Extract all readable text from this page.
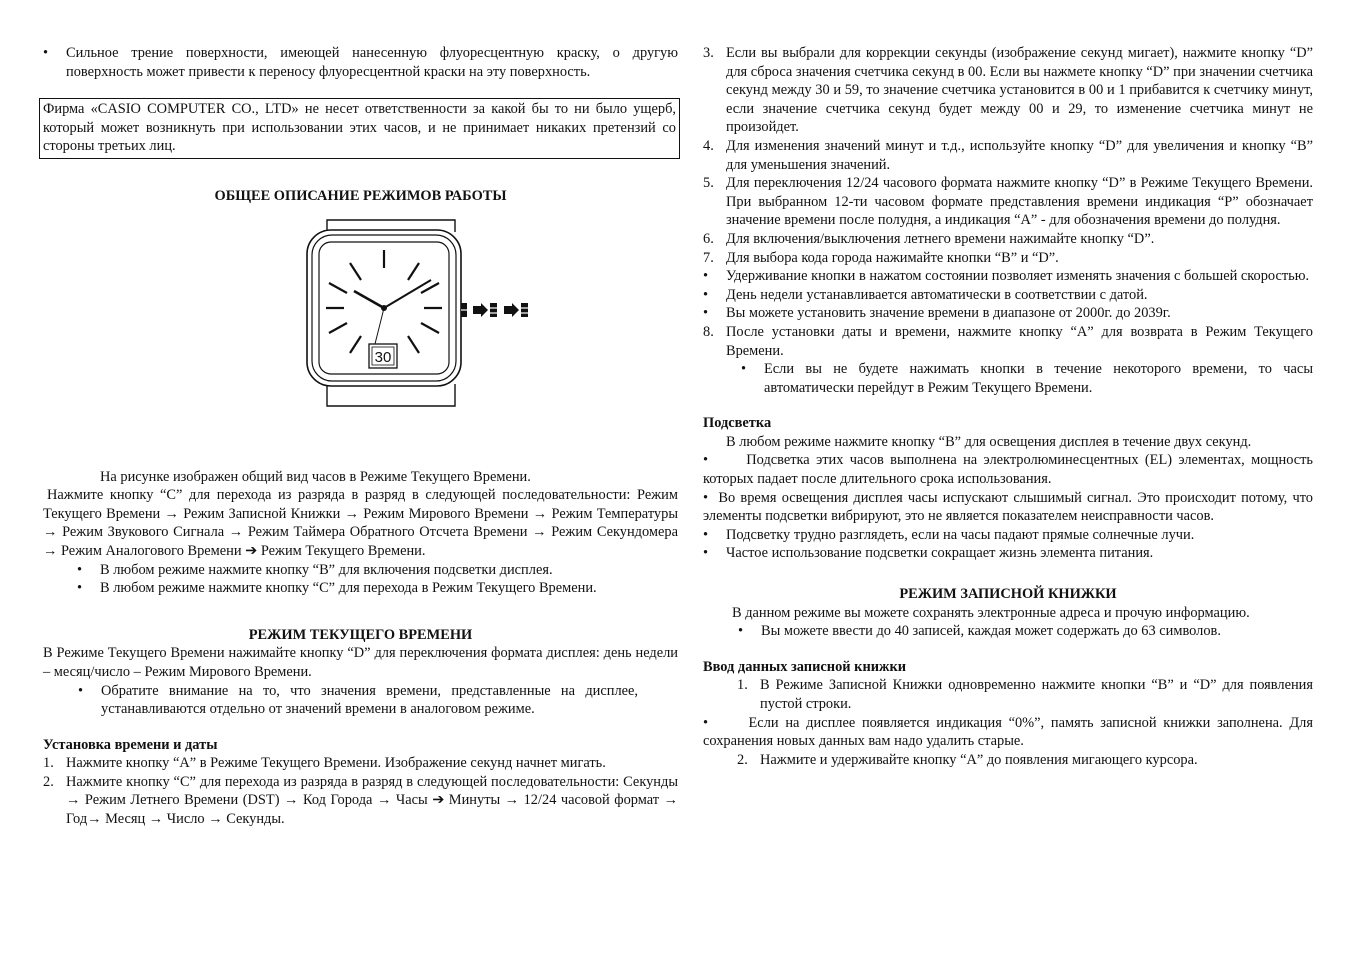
• Сильное трение поверхности, имеющей нанесенную флуоресцентную краску, о другую поверхность может привести к переносу флуоресцентной краски на эту поверхность.

Фирма «CASIO COMPUTER CO., LTD» не несет ответственности за какой бы то ни было ущерб, который может возникнуть при использовании этих часов, и не принимает никаких претензий со стороны третьих лиц.

ОБЩЕЕ ОПИСАНИЕ РЕЖИМОВ РАБОТЫ

30

На рисунке изображен общий вид часов в Режиме Текущего Времени.

Нажмите кнопку “C” для перехода из разряда в разряд в следующей последовательности: Режим Текущего Времени → Режим Записной Книжки → Режим Мирового Времени → Режим Температуры → Режим Звукового Сигнала → Режим Таймера Обратного Отсчета Времени → Режим Секундомера → Режим Аналогового Времени ➔ Режим Текущего Времени.

• В любом режиме нажмите кнопку “B” для включения подсветки дисплея.

• В любом режиме нажмите кнопку “C” для перехода в Режим Текущего Времени.

РЕЖИМ ТЕКУЩЕГО ВРЕМЕНИ

В Режиме Текущего Времени нажимайте кнопку “D” для переключения формата дисплея: день недели – месяц/число – Режим Мирового Времени.

• Обратите внимание на то, что значения времени, представленные на дисплее, устанавливаются отдельно от значений времени в аналоговом режиме.

Установка времени и даты

1. Нажмите кнопку “A” в Режиме Текущего Времени. Изображение секунд начнет мигать.
2. Нажмите кнопку “C” для перехода из разряда в разряд в следующей последовательности: Секунды → Режим Летнего Времени (DST) → Код Города → Часы ➔ Минуты → 12/24 часовой формат → Год→ Месяц → Число → Секунды.
3. Если вы выбрали для коррекции секунды (изображение секунд мигает), нажмите кнопку “D” для сброса значения счетчика секунд в 00. Если вы нажмете кнопку “D” при значении счетчика секунд между 30 и 59, то значение счетчика установится в 00 и 1 прибавится к счетчику минут, если значение счетчика секунд будет между 00 и 29, то изменение счетчика минут не произойдет.
4. Для изменения значений минут и т.д., используйте кнопку “D” для увеличения и кнопку “B” для уменьшения значений.
5. Для переключения 12/24 часового формата нажмите кнопку “D” в Режиме Текущего Времени. При выбранном 12-ти часовом формате представления времени индикация “P” обозначает значение времени после полудня, а индикация “A” - для обозначения времени до полудня.
6. Для включения/выключения летнего времени нажимайте кнопку “D”.
7. Для выбора кода города нажимайте кнопки “B” и “D”.

• Удерживание кнопки в нажатом состоянии позволяет изменять значения с большей скоростью.

• День недели устанавливается автоматически в соответствии с датой.

• Вы можете установить значение времени в диапазоне от 2000г. до 2039г.

8. После установки даты и времени, нажмите кнопку “A” для возврата в Режим Текущего Времени.

• Если вы не будете нажимать кнопки в течение некоторого времени, то часы автоматически перейдут в Режим Текущего Времени.

Подсветка

В любом режиме нажмите кнопку “B” для освещения дисплея в течение двух секунд.

•      Подсветка этих часов выполнена на электролюминесцентных (EL) элементах, мощность которых падает после длительного срока использования.

•  Во время освещения дисплея часы испускают слышимый сигнал. Это происходит потому, что элементы подсветки вибрируют, это не является показателем неисправности часов.

• Подсветку трудно разглядеть, если на часы падают прямые солнечные лучи.

• Частое использование подсветки сокращает жизнь элемента питания.

РЕЖИМ ЗАПИСНОЙ КНИЖКИ

В данном режиме вы можете сохранять электронные адреса и прочую информацию.

• Вы можете ввести до 40 записей, каждая может содержать до 63 символов.

Ввод данных записной книжки

1. В Режиме Записной Книжки одновременно нажмите кнопки “B” и “D” для появления пустой строки.

•      Если на дисплее появляется индикация “0%”, память записной книжки заполнена. Для сохранения новых данных вам надо удалить старые.

2. Нажмите и удерживайте кнопку “A” до появления мигающего курсора.
